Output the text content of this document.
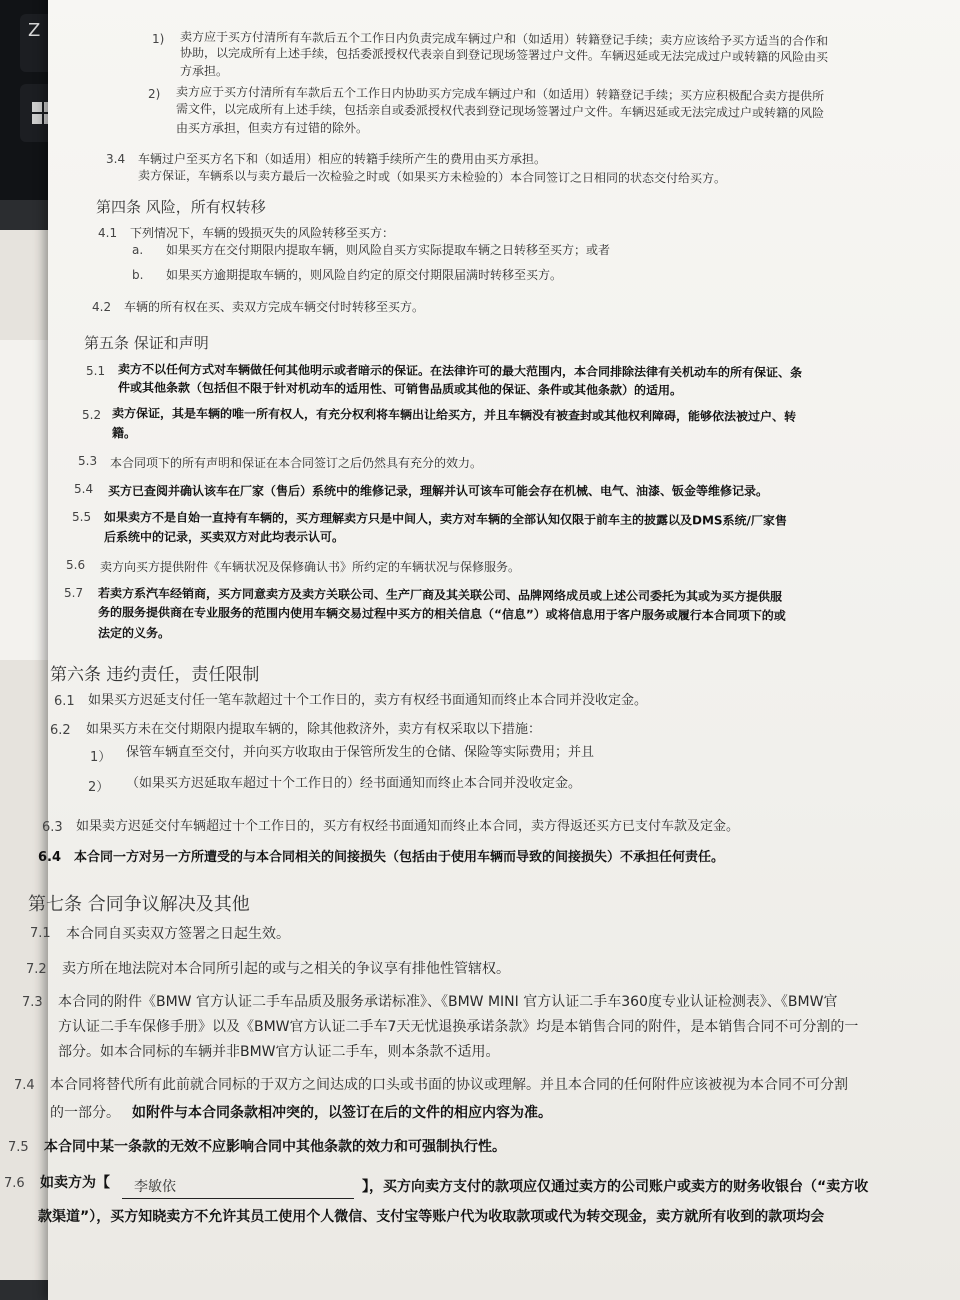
Z	1) 卖方应于买方付清所有车款后五个工作日内负责完成车辆过户和（如适用）转籍登记手续；卖方应该给予买方适当的合作和
协助，以完成所有上述手续，包括委派授权代表亲自到登记现场签署过户文件。车辆迟延或无法完成过户或转籍的风险由买
方承担。
2) 卖方应于买方付清所有车款后五个工作日内协助买方完成车辆过户和（如适用）转籍登记手续；买方应积极配合卖方提供所
需文件，以完成所有上述手续，包括亲自或委派授权代表到登记现场签署过户文件。车辆迟延或无法完成过户或转籍的风险
由买方承担，但卖方有过错的除外。
3.4 车辆过户至买方名下和（如适用）相应的转籍手续所产生的费用由买方承担。
卖方保证，车辆系以与卖方最后一次检验之时或（如果买方未检验的）本合同签订之日相同的状态交付给买方。
第四条 风险，所有权转移
4.1 下列情况下，车辆的毁损灭失的风险转移至买方：
a. 如果买方在交付期限内提取车辆，则风险自买方实际提取车辆之日转移至买方；或者
b. 如果买方逾期提取车辆的，则风险自约定的原交付期限届满时转移至买方。
4.2 车辆的所有权在买、卖双方完成车辆交付时转移至买方。
第五条 保证和声明
5.1 卖方不以任何方式对车辆做任何其他明示或者暗示的保证。在法律许可的最大范围内，本合同排除法律有关机动车的所有保证、条
件或其他条款（包括但不限于针对机动车的适用性、可销售品质或其他的保证、条件或其他条款）的适用。
5.2 卖方保证，其是车辆的唯一所有权人，有充分权利将车辆出让给买方，并且车辆没有被查封或其他权利障碍，能够依法被过户、转
籍。
5.3 本合同项下的所有声明和保证在本合同签订之后仍然具有充分的效力。
5.4 买方已查阅并确认该车在厂家（售后）系统中的维修记录，理解并认可该车可能会存在机械、电气、油漆、钣金等维修记录。
5.5 如果卖方不是自始一直持有车辆的，买方理解卖方只是中间人，卖方对车辆的全部认知仅限于前车主的披露以及DMS系统/厂家售
后系统中的记录，买卖双方对此均表示认可。
5.6 卖方向买方提供附件《车辆状况及保修确认书》所约定的车辆状况与保修服务。
5.7 若卖方系汽车经销商，买方同意卖方及卖方关联公司、生产厂商及其关联公司、品牌网络成员或上述公司委托为其或为买方提供服
务的服务提供商在专业服务的范围内使用车辆交易过程中买方的相关信息（“信息”）或将信息用于客户服务或履行本合同项下的或
法定的义务。
第六条 违约责任，责任限制
6.1 如果买方迟延支付任一笔车款超过十个工作日的，卖方有权经书面通知而终止本合同并没收定金。
6.2 如果买方未在交付期限内提取车辆的，除其他救济外，卖方有权采取以下措施：
1） 保管车辆直至交付，并向买方收取由于保管所发生的仓储、保险等实际费用；并且
2） （如果买方迟延取车超过十个工作日的）经书面通知而终止本合同并没收定金。
6.3 如果卖方迟延交付车辆超过十个工作日的，买方有权经书面通知而终止本合同，卖方得返还买方已支付车款及定金。
6.4 本合同一方对另一方所遭受的与本合同相关的间接损失（包括由于使用车辆而导致的间接损失）不承担任何责任。
第七条 合同争议解决及其他
7.1 本合同自买卖双方签署之日起生效。
7.2 卖方所在地法院对本合同所引起的或与之相关的争议享有排他性管辖权。
7.3 本合同的附件《BMW 官方认证二手车品质及服务承诺标准》、《BMW MINI 官方认证二手车360度专业认证检测表》、《BMW官
方认证二手车保修手册》以及《BMW官方认证二手车7天无忧退换承诺条款》均是本销售合同的附件，是本销售合同不可分割的一
部分。如本合同标的车辆并非BMW官方认证二手车，则本条款不适用。
7.4 本合同将替代所有此前就合同标的于双方之间达成的口头或书面的协议或理解。并且本合同的任何附件应该被视为本合同不可分割
的一部分。 如附件与本合同条款相冲突的，以签订在后的文件的相应内容为准。
7.5 本合同中某一条款的无效不应影响合同中其他条款的效力和可强制执行性。
7.6 如卖方为【 李敏依	】，买方向卖方支付的款项应仅通过卖方的公司账户或卖方的财务收银台（“卖方收
款渠道”），买方知晓卖方不允许其员工使用个人微信、支付宝等账户代为收取款项或代为转交现金，卖方就所有收到的款项均会
